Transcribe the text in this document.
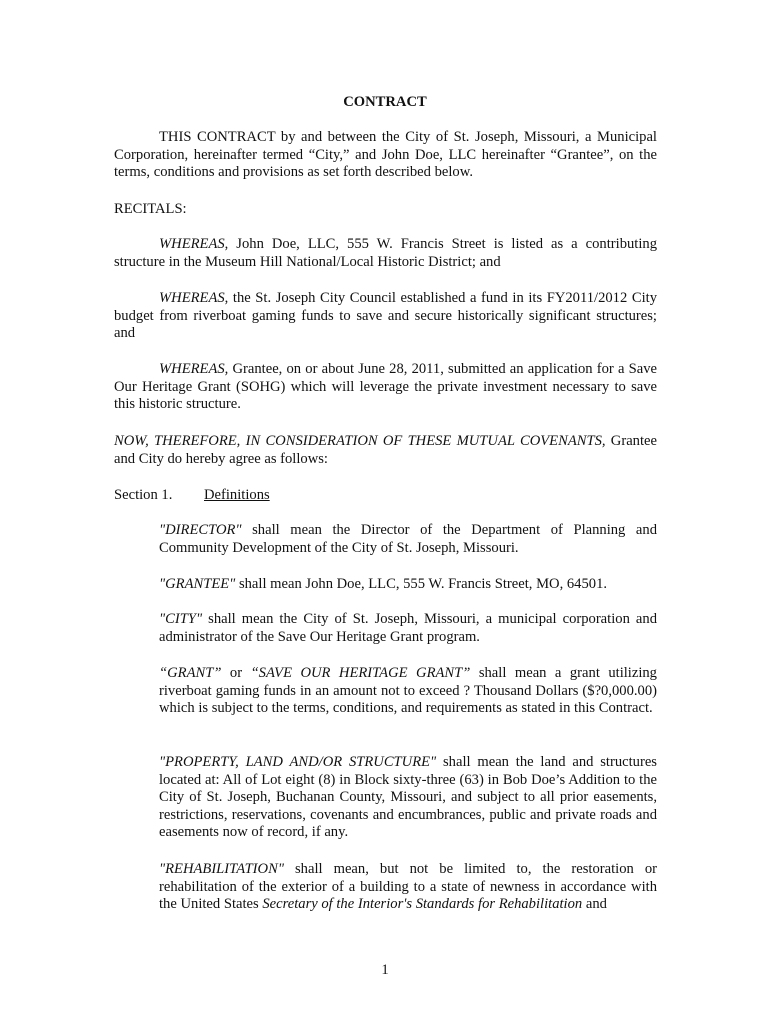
CONTRACT

THIS CONTRACT by and between the City of St. Joseph, Missouri, a Municipal Corporation, hereinafter termed “City,” and John Doe, LLC hereinafter “Grantee”, on the terms, conditions and provisions as set forth described below.

RECITALS:

WHEREAS, John Doe, LLC, 555 W. Francis Street is listed as a contributing structure in the Museum Hill National/Local Historic District; and

WHEREAS, the St. Joseph City Council established a fund in its FY2011/2012 City budget from riverboat gaming funds to save and secure historically significant structures; and

WHEREAS, Grantee, on or about June 28, 2011, submitted an application for a Save Our Heritage Grant (SOHG) which will leverage the private investment necessary to save this historic structure.

NOW, THEREFORE, IN CONSIDERATION OF THESE MUTUAL COVENANTS, Grantee and City do hereby agree as follows:

Section 1. Definitions

"DIRECTOR" shall mean the Director of the Department of Planning and Community Development of the City of St. Joseph, Missouri.

"GRANTEE" shall mean John Doe, LLC, 555 W. Francis Street, MO, 64501.

"CITY" shall mean the City of St. Joseph, Missouri, a municipal corporation and administrator of the Save Our Heritage Grant program.

“GRANT” or “SAVE OUR HERITAGE GRANT” shall mean a grant utilizing riverboat gaming funds in an amount not to exceed ? Thousand Dollars ($?0,000.00) which is subject to the terms, conditions, and requirements as stated in this Contract.

"PROPERTY, LAND AND/OR STRUCTURE" shall mean the land and structures located at: All of Lot eight (8) in Block sixty-three (63) in Bob Doe’s Addition to the City of St. Joseph, Buchanan County, Missouri, and subject to all prior easements, restrictions, reservations, covenants and encumbrances, public and private roads and easements now of record, if any.

"REHABILITATION" shall mean, but not be limited to, the restoration or rehabilitation of the exterior of a building to a state of newness in accordance with the United States Secretary of the Interior's Standards for Rehabilitation and

1
